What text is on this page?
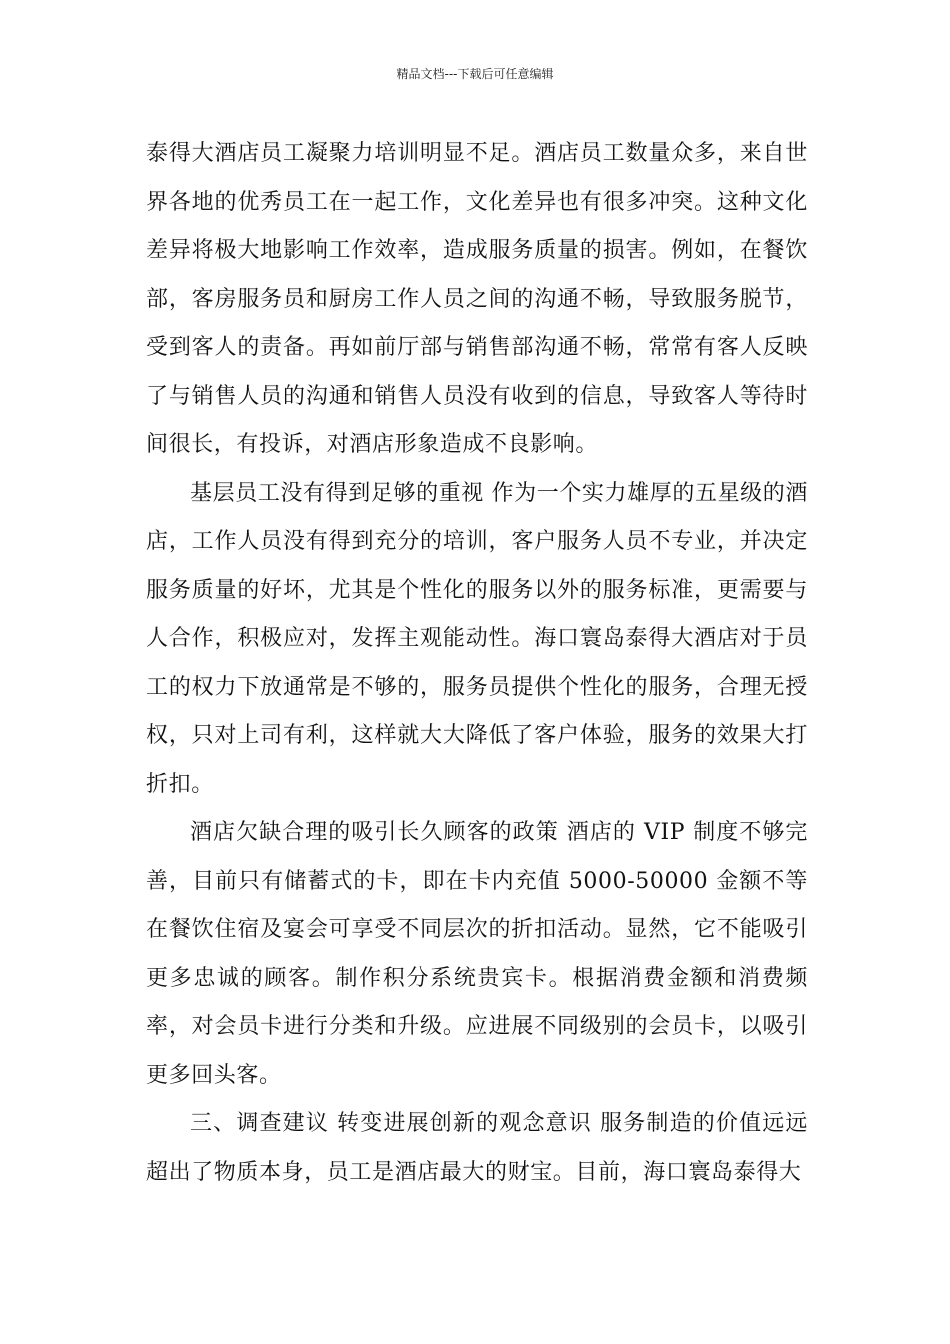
精品文档---下载后可任意编辑

泰得大酒店员工凝聚力培训明显不足。酒店员工数量众多，来自世界各地的优秀员工在一起工作，文化差异也有很多冲突。这种文化差异将极大地影响工作效率，造成服务质量的损害。例如，在餐饮部，客房服务员和厨房工作人员之间的沟通不畅，导致服务脱节，受到客人的责备。再如前厅部与销售部沟通不畅，常常有客人反映了与销售人员的沟通和销售人员没有收到的信息，导致客人等待时间很长，有投诉，对酒店形象造成不良影响。

基层员工没有得到足够的重视 作为一个实力雄厚的五星级的酒店，工作人员没有得到充分的培训，客户服务人员不专业，并决定服务质量的好坏，尤其是个性化的服务以外的服务标准，更需要与人合作，积极应对，发挥主观能动性。海口寰岛泰得大酒店对于员工的权力下放通常是不够的，服务员提供个性化的服务，合理无授权，只对上司有利，这样就大大降低了客户体验，服务的效果大打折扣。

酒店欠缺合理的吸引长久顾客的政策 酒店的 VIP 制度不够完善，目前只有储蓄式的卡，即在卡内充值 5000-50000 金额不等在餐饮住宿及宴会可享受不同层次的折扣活动。显然，它不能吸引更多忠诚的顾客。制作积分系统贵宾卡。根据消费金额和消费频率，对会员卡进行分类和升级。应进展不同级别的会员卡，以吸引更多回头客。

三、调查建议 转变进展创新的观念意识 服务制造的价值远远超出了物质本身，员工是酒店最大的财宝。目前，海口寰岛泰得大
